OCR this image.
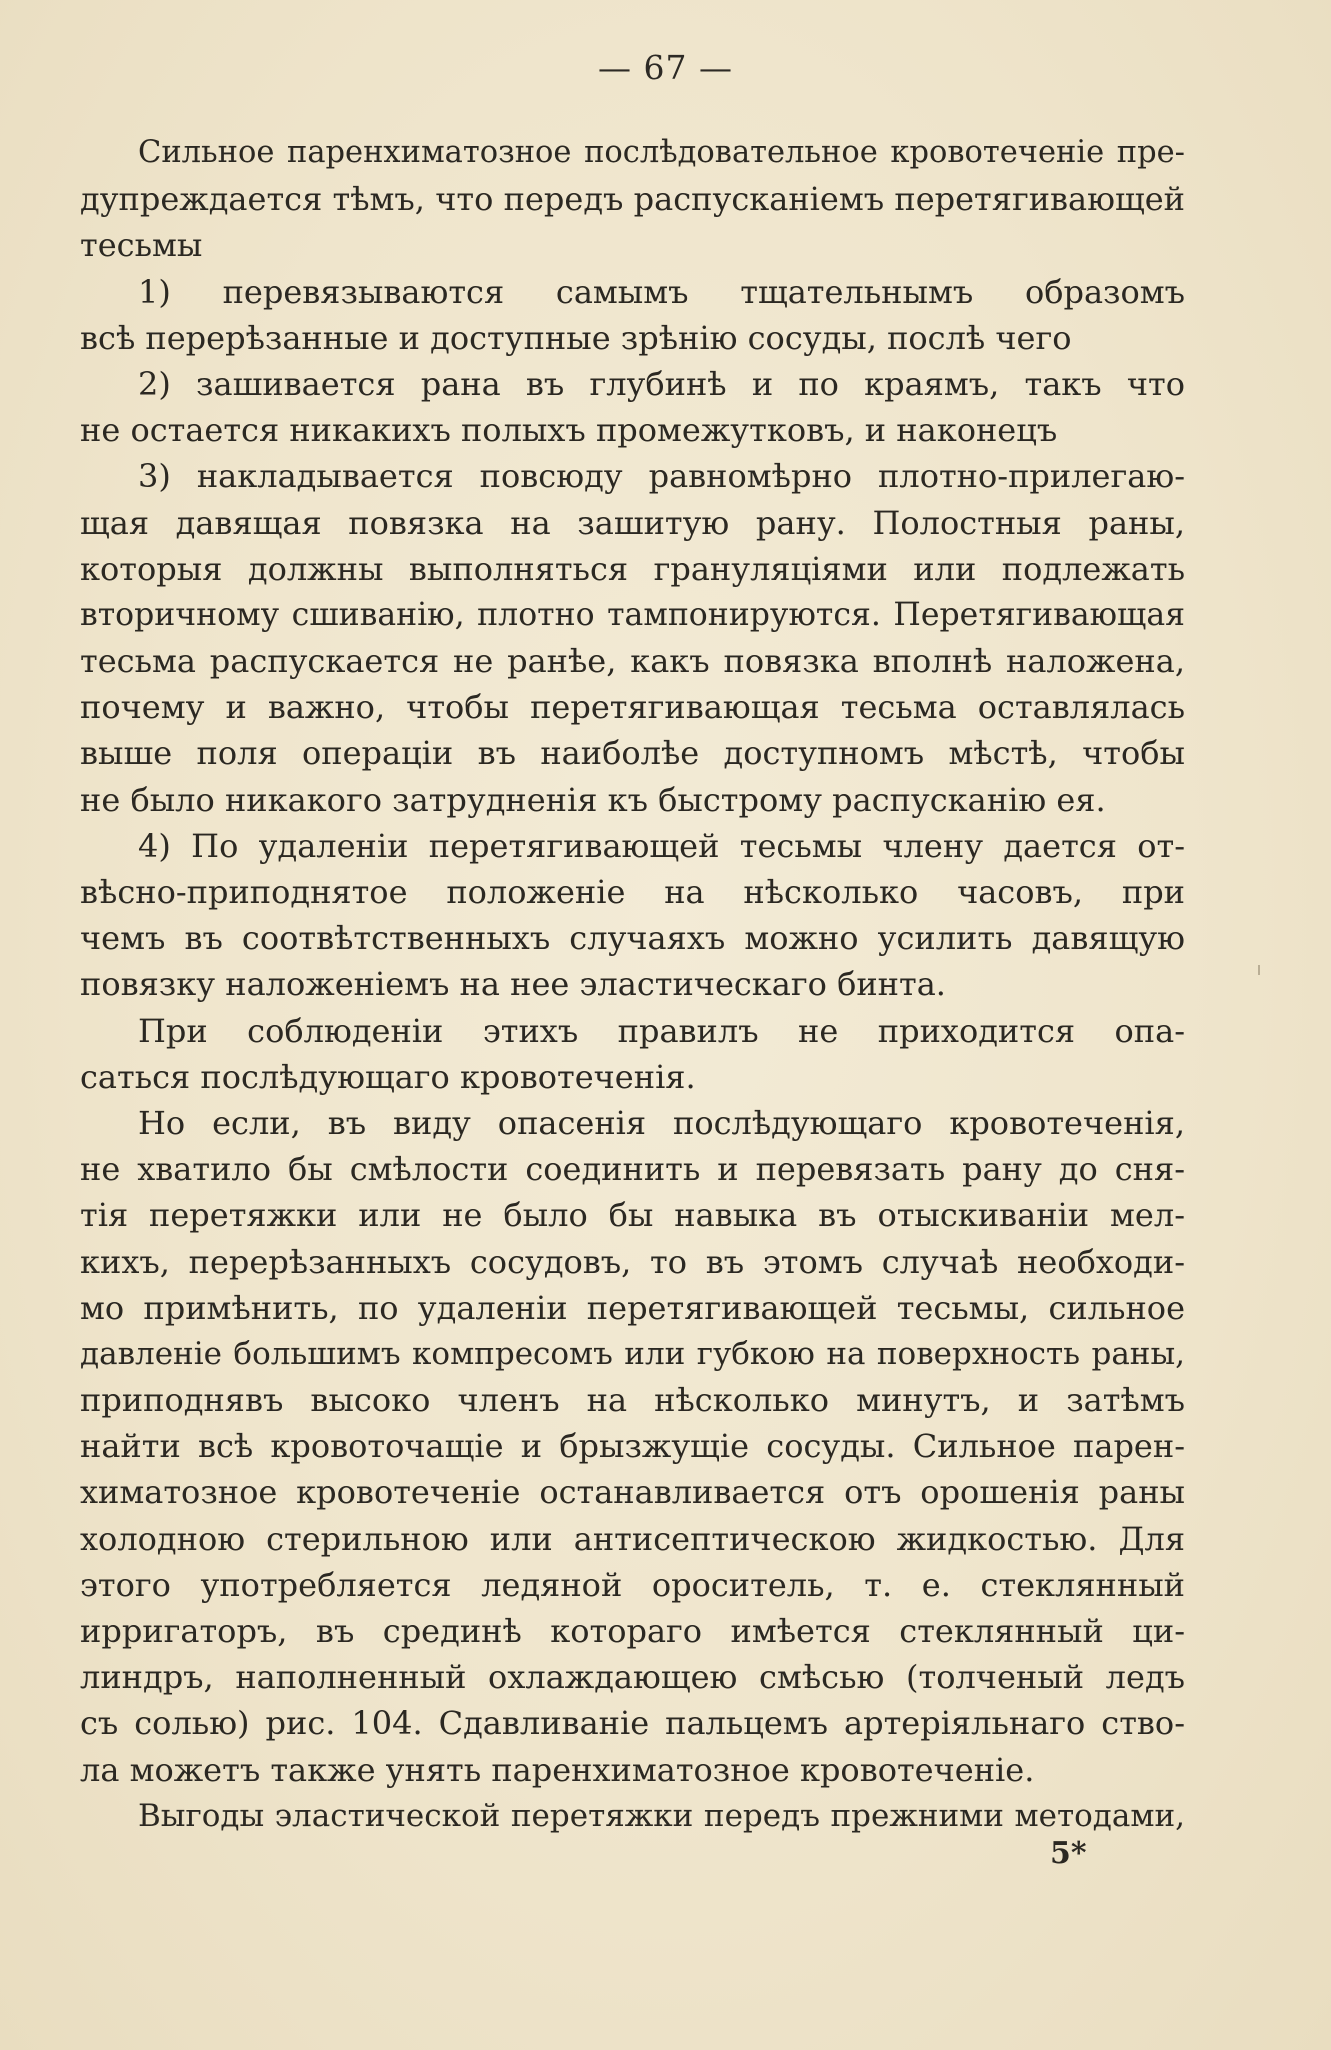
— 67 —
Сильное паренхиматозное послѣдовательное кровотеченіе пре-
дупреждается тѣмъ, что передъ распусканіемъ перетягивающей
тесьмы
1) перевязываются самымъ тщательнымъ образомъ
всѣ перерѣзанные и доступные зрѣнію сосуды, послѣ чего
2) зашивается рана въ глубинѣ и по краямъ, такъ что
не остается никакихъ полыхъ промежутковъ, и наконецъ
3) накладывается повсюду равномѣрно плотно-прилегаю-
щая давящая повязка на зашитую рану. Полостныя раны,
которыя должны выполняться грануляціями или подлежать
вторичному сшиванію, плотно тампонируются. Перетягивающая
тесьма распускается не ранѣе, какъ повязка вполнѣ наложена,
почему и важно, чтобы перетягивающая тесьма оставлялась
выше поля операціи въ наиболѣе доступномъ мѣстѣ, чтобы
не было никакого затрудненія къ быстрому распусканію ея.
4) По удаленіи перетягивающей тесьмы члену дается от-
вѣсно-приподнятое положеніе на нѣсколько часовъ, при
чемъ въ соотвѣтственныхъ случаяхъ можно усилить давящую
повязку наложеніемъ на нее эластическаго бинта.
При соблюденіи этихъ правилъ не приходится опа-
саться послѣдующаго кровотеченія.
Но если, въ виду опасенія послѣдующаго кровотеченія,
не хватило бы смѣлости соединить и перевязать рану до сня-
тія перетяжки или не было бы навыка въ отыскиваніи мел-
кихъ, перерѣзанныхъ сосудовъ, то въ этомъ случаѣ необходи-
мо примѣнить, по удаленіи перетягивающей тесьмы, сильное
давленіе большимъ компресомъ или губкою на поверхность раны,
приподнявъ высоко членъ на нѣсколько минутъ, и затѣмъ
найти всѣ кровоточащіе и брызжущіе сосуды. Сильное парен-
химатозное кровотеченіе останавливается отъ орошенія раны
холодною стерильною или антисептическою жидкостью. Для
этого употребляется ледяной ороситель, т. е. стеклянный
ирригаторъ, въ срединѣ котораго имѣется стеклянный ци-
линдръ, наполненный охлаждающею смѣсью (толченый ледъ
съ солью) рис. 104. Сдавливаніе пальцемъ артеріяльнаго ство-
ла можетъ также унять паренхиматозное кровотеченіе.
Выгоды эластической перетяжки передъ прежними методами,
5*
